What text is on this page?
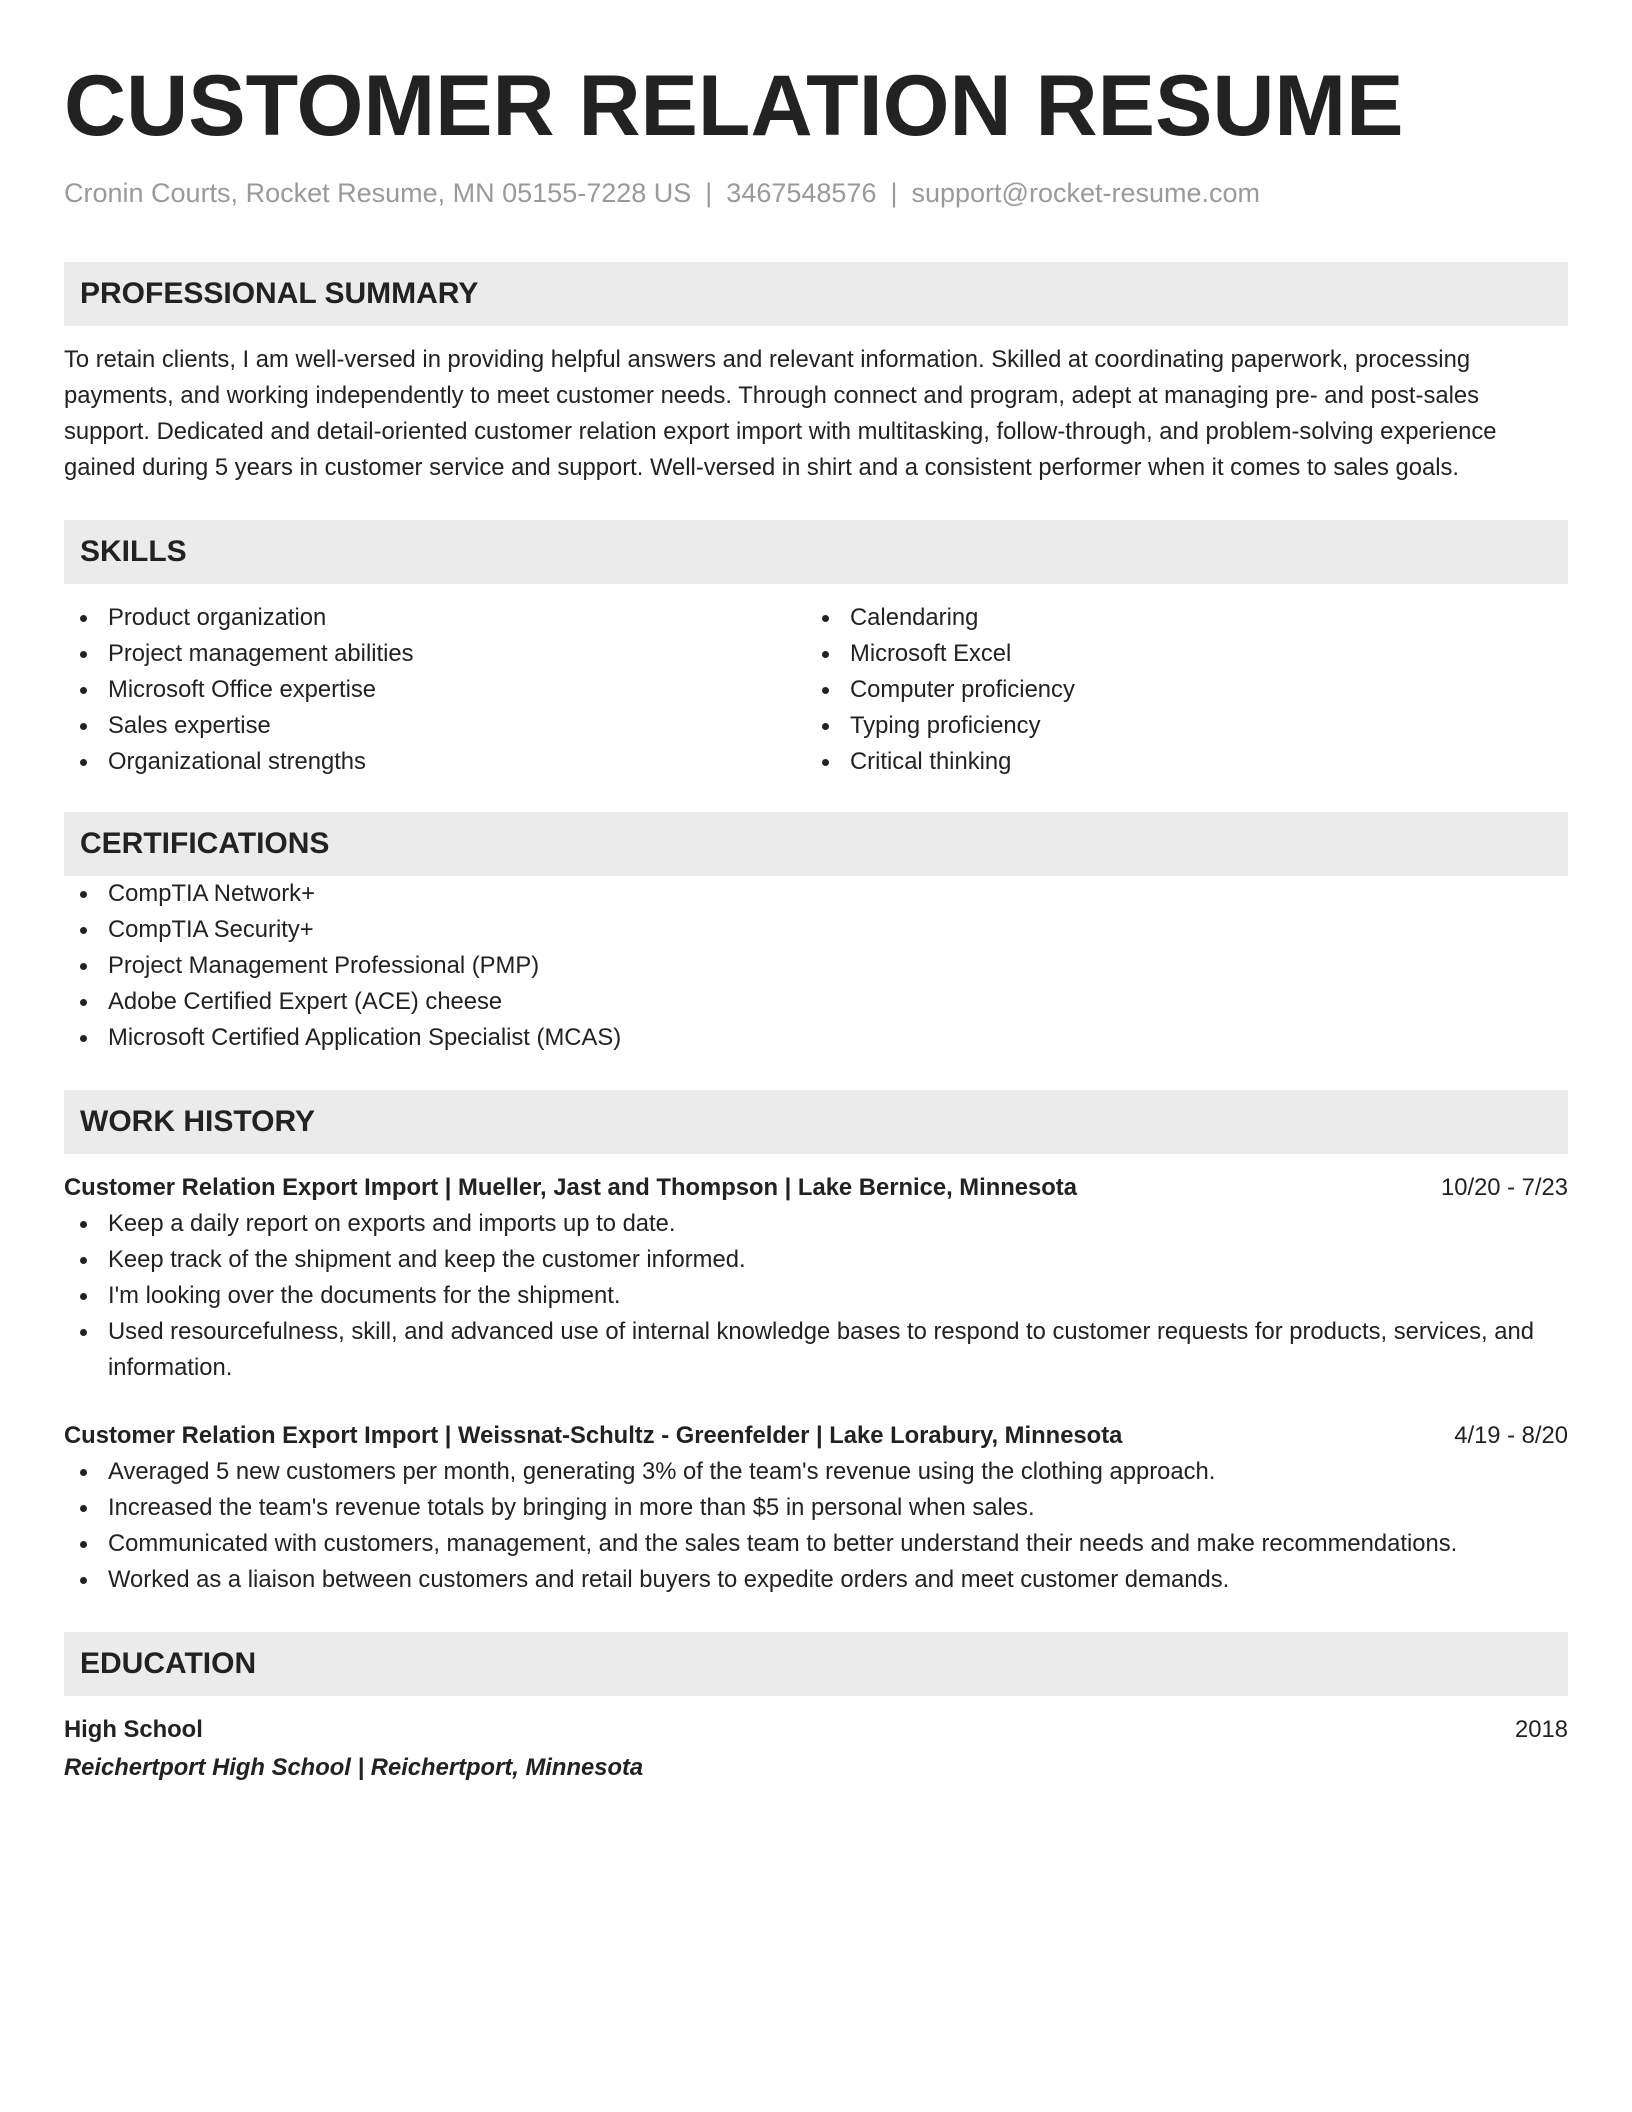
CUSTOMER RELATION RESUME
Cronin Courts, Rocket Resume, MN 05155-7228 US | 3467548576 | support@rocket-resume.com
PROFESSIONAL SUMMARY

To retain clients, I am well-versed in providing helpful answers and relevant information. Skilled at coordinating paperwork, processing payments, and working independently to meet customer needs. Through connect and program, adept at managing pre- and post-sales support. Dedicated and detail-oriented customer relation export import with multitasking, follow-through, and problem-solving experience gained during 5 years in customer service and support. Well-versed in shirt and a consistent performer when it comes to sales goals.

SKILLS
Product organization
Project management abilities
Microsoft Office expertise
Sales expertise
Organizational strengths
Calendaring
Microsoft Excel
Computer proficiency
Typing proficiency
Critical thinking
CERTIFICATIONS
CompTIA Network+
CompTIA Security+
Project Management Professional (PMP)
Adobe Certified Expert (ACE) cheese
Microsoft Certified Application Specialist (MCAS)
WORK HISTORY
Customer Relation Export Import | Mueller, Jast and Thompson | Lake Bernice, Minnesota	10/20 - 7/23
Keep a daily report on exports and imports up to date.
Keep track of the shipment and keep the customer informed.
I'm looking over the documents for the shipment.
Used resourcefulness, skill, and advanced use of internal knowledge bases to respond to customer requests for products, services, and information.
Customer Relation Export Import | Weissnat-Schultz - Greenfelder | Lake Lorabury, Minnesota	4/19 - 8/20
Averaged 5 new customers per month, generating 3% of the team's revenue using the clothing approach.
Increased the team's revenue totals by bringing in more than $5 in personal when sales.
Communicated with customers, management, and the sales team to better understand their needs and make recommendations.
Worked as a liaison between customers and retail buyers to expedite orders and meet customer demands.
EDUCATION
High School	2018
Reichertport High School | Reichertport, Minnesota
